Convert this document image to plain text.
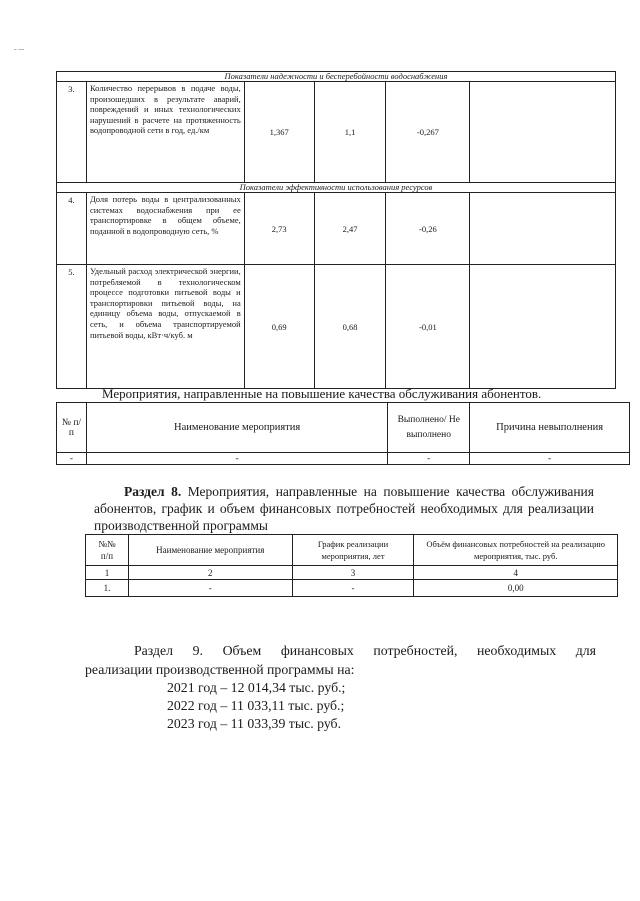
˗ ˗˗
Показатели надежности и бесперебойности водоснабжения					
3.	Количество перерывов в подаче воды, произошедших в результате аварий, повреждений и иных технологических нарушений в расчете на протяженность водопроводной сети в год, ед./км	1,367	1,1	-0,267	
Показатели эффективности использования ресурсов					
4.	Доля потерь воды в централизованных системах водоснабжения при ее транспортировке в общем объеме, поданной в водопроводную сеть, %	2,73	2,47	-0,26	
5.	Удельный расход электрической энергии, потребляемой в технологическом процессе подготовки питьевой воды и транспортировки питьевой воды, на единицу объема воды, отпускаемой в сеть, и объема транспортируемой питьевой воды, кВт·ч/куб. м	0,69	0,68	-0,01	
Мероприятия, направленные на повышение качества обслуживания абонентов.
№ п/п	Наименование мероприятия	Выполнено/ Не выполнено	Причина невыполнения
-	-	-	-
Раздел 8. Мероприятия, направленные на повышение качества обслуживания абонентов, график и объем финансовых потребностей необходимых для реализации производственной программы
№№ п/п	Наименование мероприятия	График реализации мероприятия, лет	Объём финансовых потребностей на реализацию мероприятия, тыс. руб.
1	2	3	4
1.	-	-	0,00
Раздел 9. Объем финансовых потребностей, необходимых для
реализации производственной программы на:
2021 год – 12 014,34 тыс. руб.;
2022 год – 11 033,11 тыс. руб.;
2023 год – 11 033,39 тыс. руб.
